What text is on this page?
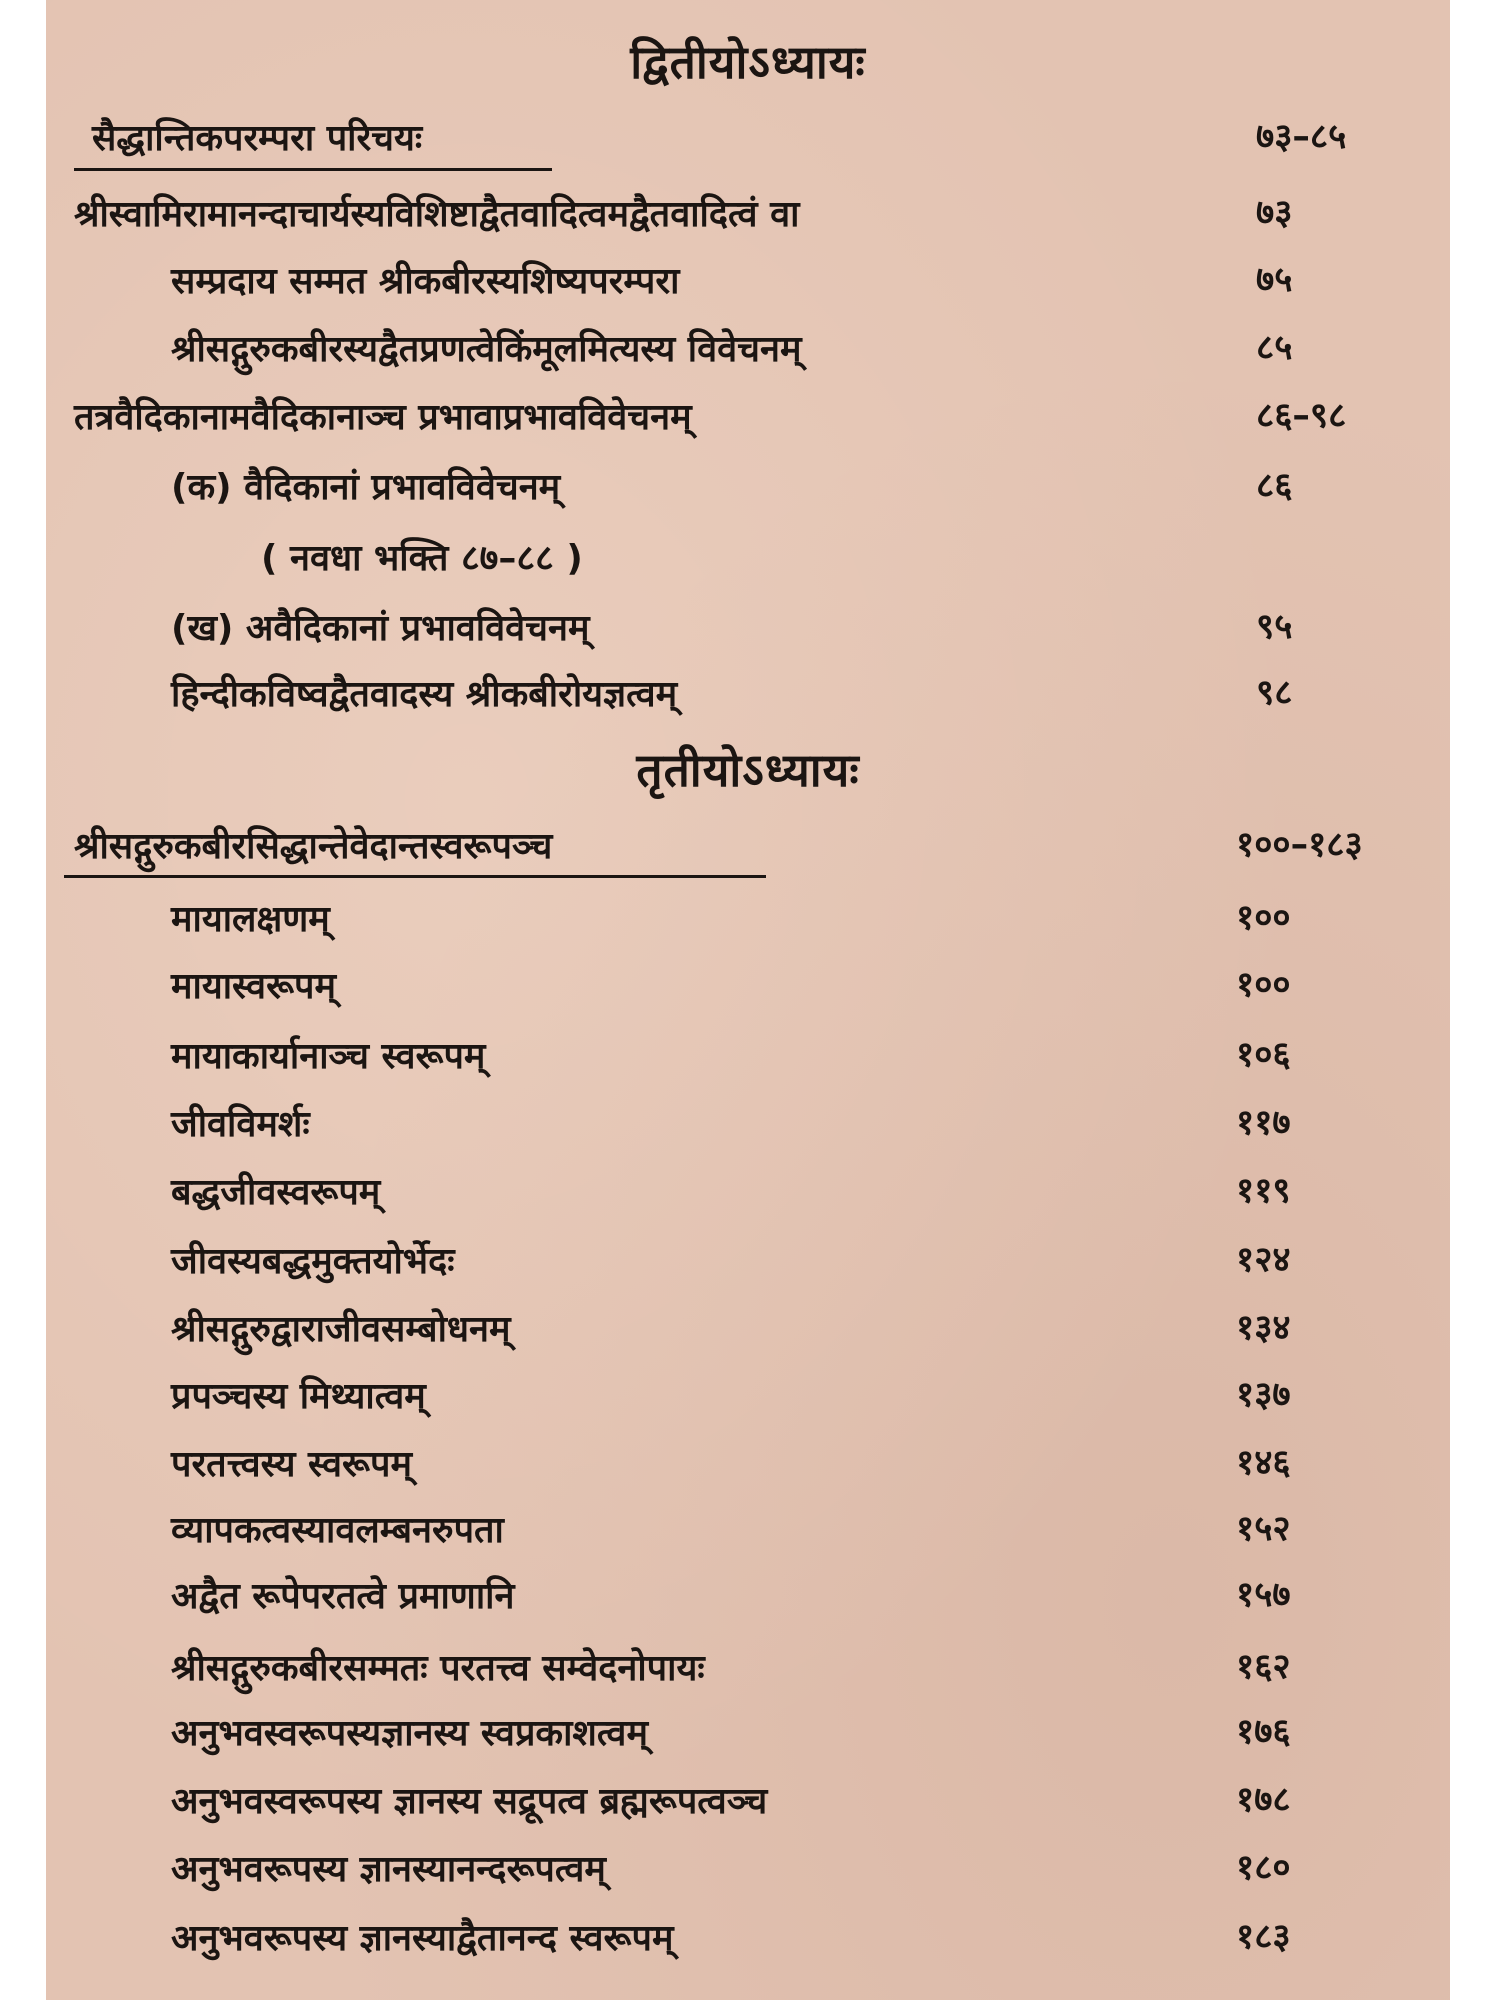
द्वितीयोऽध्यायः
सैद्धान्तिकपरम्परा परिचयः	७३–८५
श्रीस्वामिरामानन्दाचार्यस्यविशिष्टाद्वैतवादित्वमद्वैतवादित्वं वा	७३
सम्प्रदाय सम्मत श्रीकबीरस्यशिष्यपरम्परा	७५
श्रीसद्गुरुकबीरस्यद्वैतप्रणत्वेकिंमूलमित्यस्य विवेचनम्	८५
तत्रवैदिकानामवैदिकानाञ्च प्रभावाप्रभावविवेचनम्	८६–९८
(क) वैदिकानां प्रभावविवेचनम्	८६
( नवधा भक्ति ८७–८८ )
(ख) अवैदिकानां प्रभावविवेचनम्	९५
हिन्दीकविष्वद्वैतवादस्य श्रीकबीरोयज्ञत्वम्	९८
तृतीयोऽध्यायः
श्रीसद्गुरुकबीरसिद्धान्तेवेदान्तस्वरूपञ्च	१००–१८३
मायालक्षणम्	१००
मायास्वरूपम्	१००
मायाकार्यानाञ्च स्वरूपम्	१०६
जीवविमर्शः	११७
बद्धजीवस्वरूपम्	११९
जीवस्यबद्धमुक्तयोर्भेदः	१२४
श्रीसद्गुरुद्वाराजीवसम्बोधनम्	१३४
प्रपञ्चस्य मिथ्यात्वम्	१३७
परतत्त्वस्य स्वरूपम्	१४६
व्यापकत्वस्यावलम्बनरुपता	१५२
अद्वैत रूपेपरतत्वे प्रमाणानि	१५७
श्रीसद्गुरुकबीरसम्मतः परतत्त्व सम्वेदनोपायः	१६२
अनुभवस्वरूपस्यज्ञानस्य स्वप्रकाशत्वम्	१७६
अनुभवस्वरूपस्य ज्ञानस्य सद्रूपत्व ब्रह्मरूपत्वञ्च	१७८
अनुभवरूपस्य ज्ञानस्यानन्दरूपत्वम्	१८०
अनुभवरूपस्य ज्ञानस्याद्वैतानन्द स्वरूपम्	१८३
